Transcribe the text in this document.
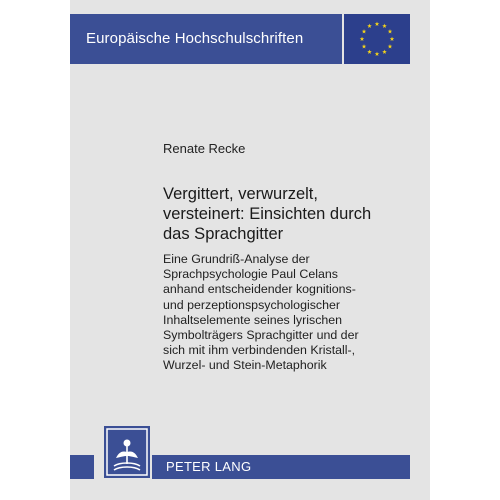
Europäische Hochschulschriften
Renate Recke
Vergittert, verwurzelt, versteinert: Einsichten durch das Sprachgitter
Eine Grundriß-Analyse der
Sprachpsychologie Paul Celans
anhand entscheidender kognitions-
und perzeptionspsychologischer
Inhaltselemente seines lyrischen
Symbolträgers Sprachgitter und der
sich mit ihm verbindenden Kristall-,
Wurzel- und Stein-Metaphorik
PETER LANG
